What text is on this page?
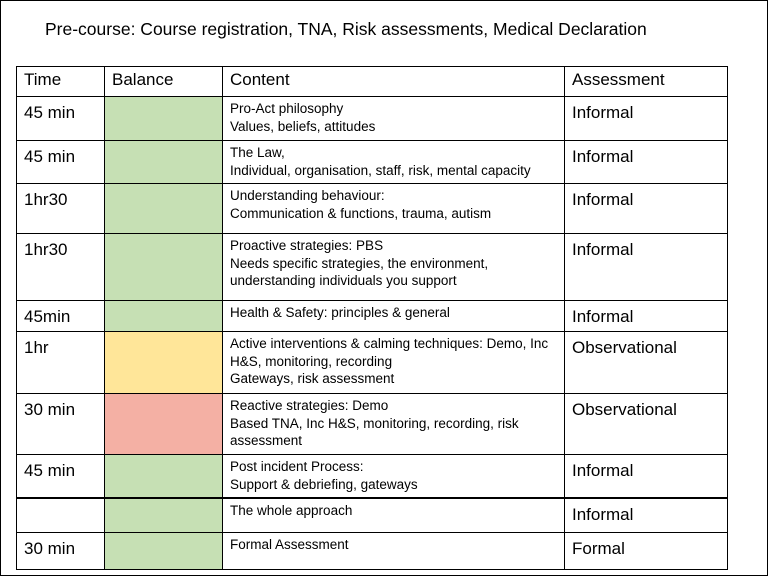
Pre-course: Course registration, TNA, Risk assessments, Medical Declaration
Time	Balance	Content	Assessment
45 min		Pro-Act philosophy
Values, beliefs, attitudes	Informal
45 min		The Law,
Individual, organisation, staff, risk, mental capacity	Informal
1hr30		Understanding behaviour:
Communication & functions, trauma, autism	Informal
1hr30		Proactive strategies: PBS
Needs specific strategies, the environment,
understanding individuals you support	Informal
45min		Health & Safety: principles & general	Informal
1hr		Active interventions & calming techniques: Demo, Inc
H&S, monitoring, recording
Gateways, risk assessment	Observational
30 min		Reactive strategies: Demo
Based TNA, Inc H&S, monitoring, recording, risk
assessment	Observational
45 min		Post incident Process:
Support & debriefing, gateways	Informal

		The whole approach	Informal
30 min		Formal Assessment	Formal
